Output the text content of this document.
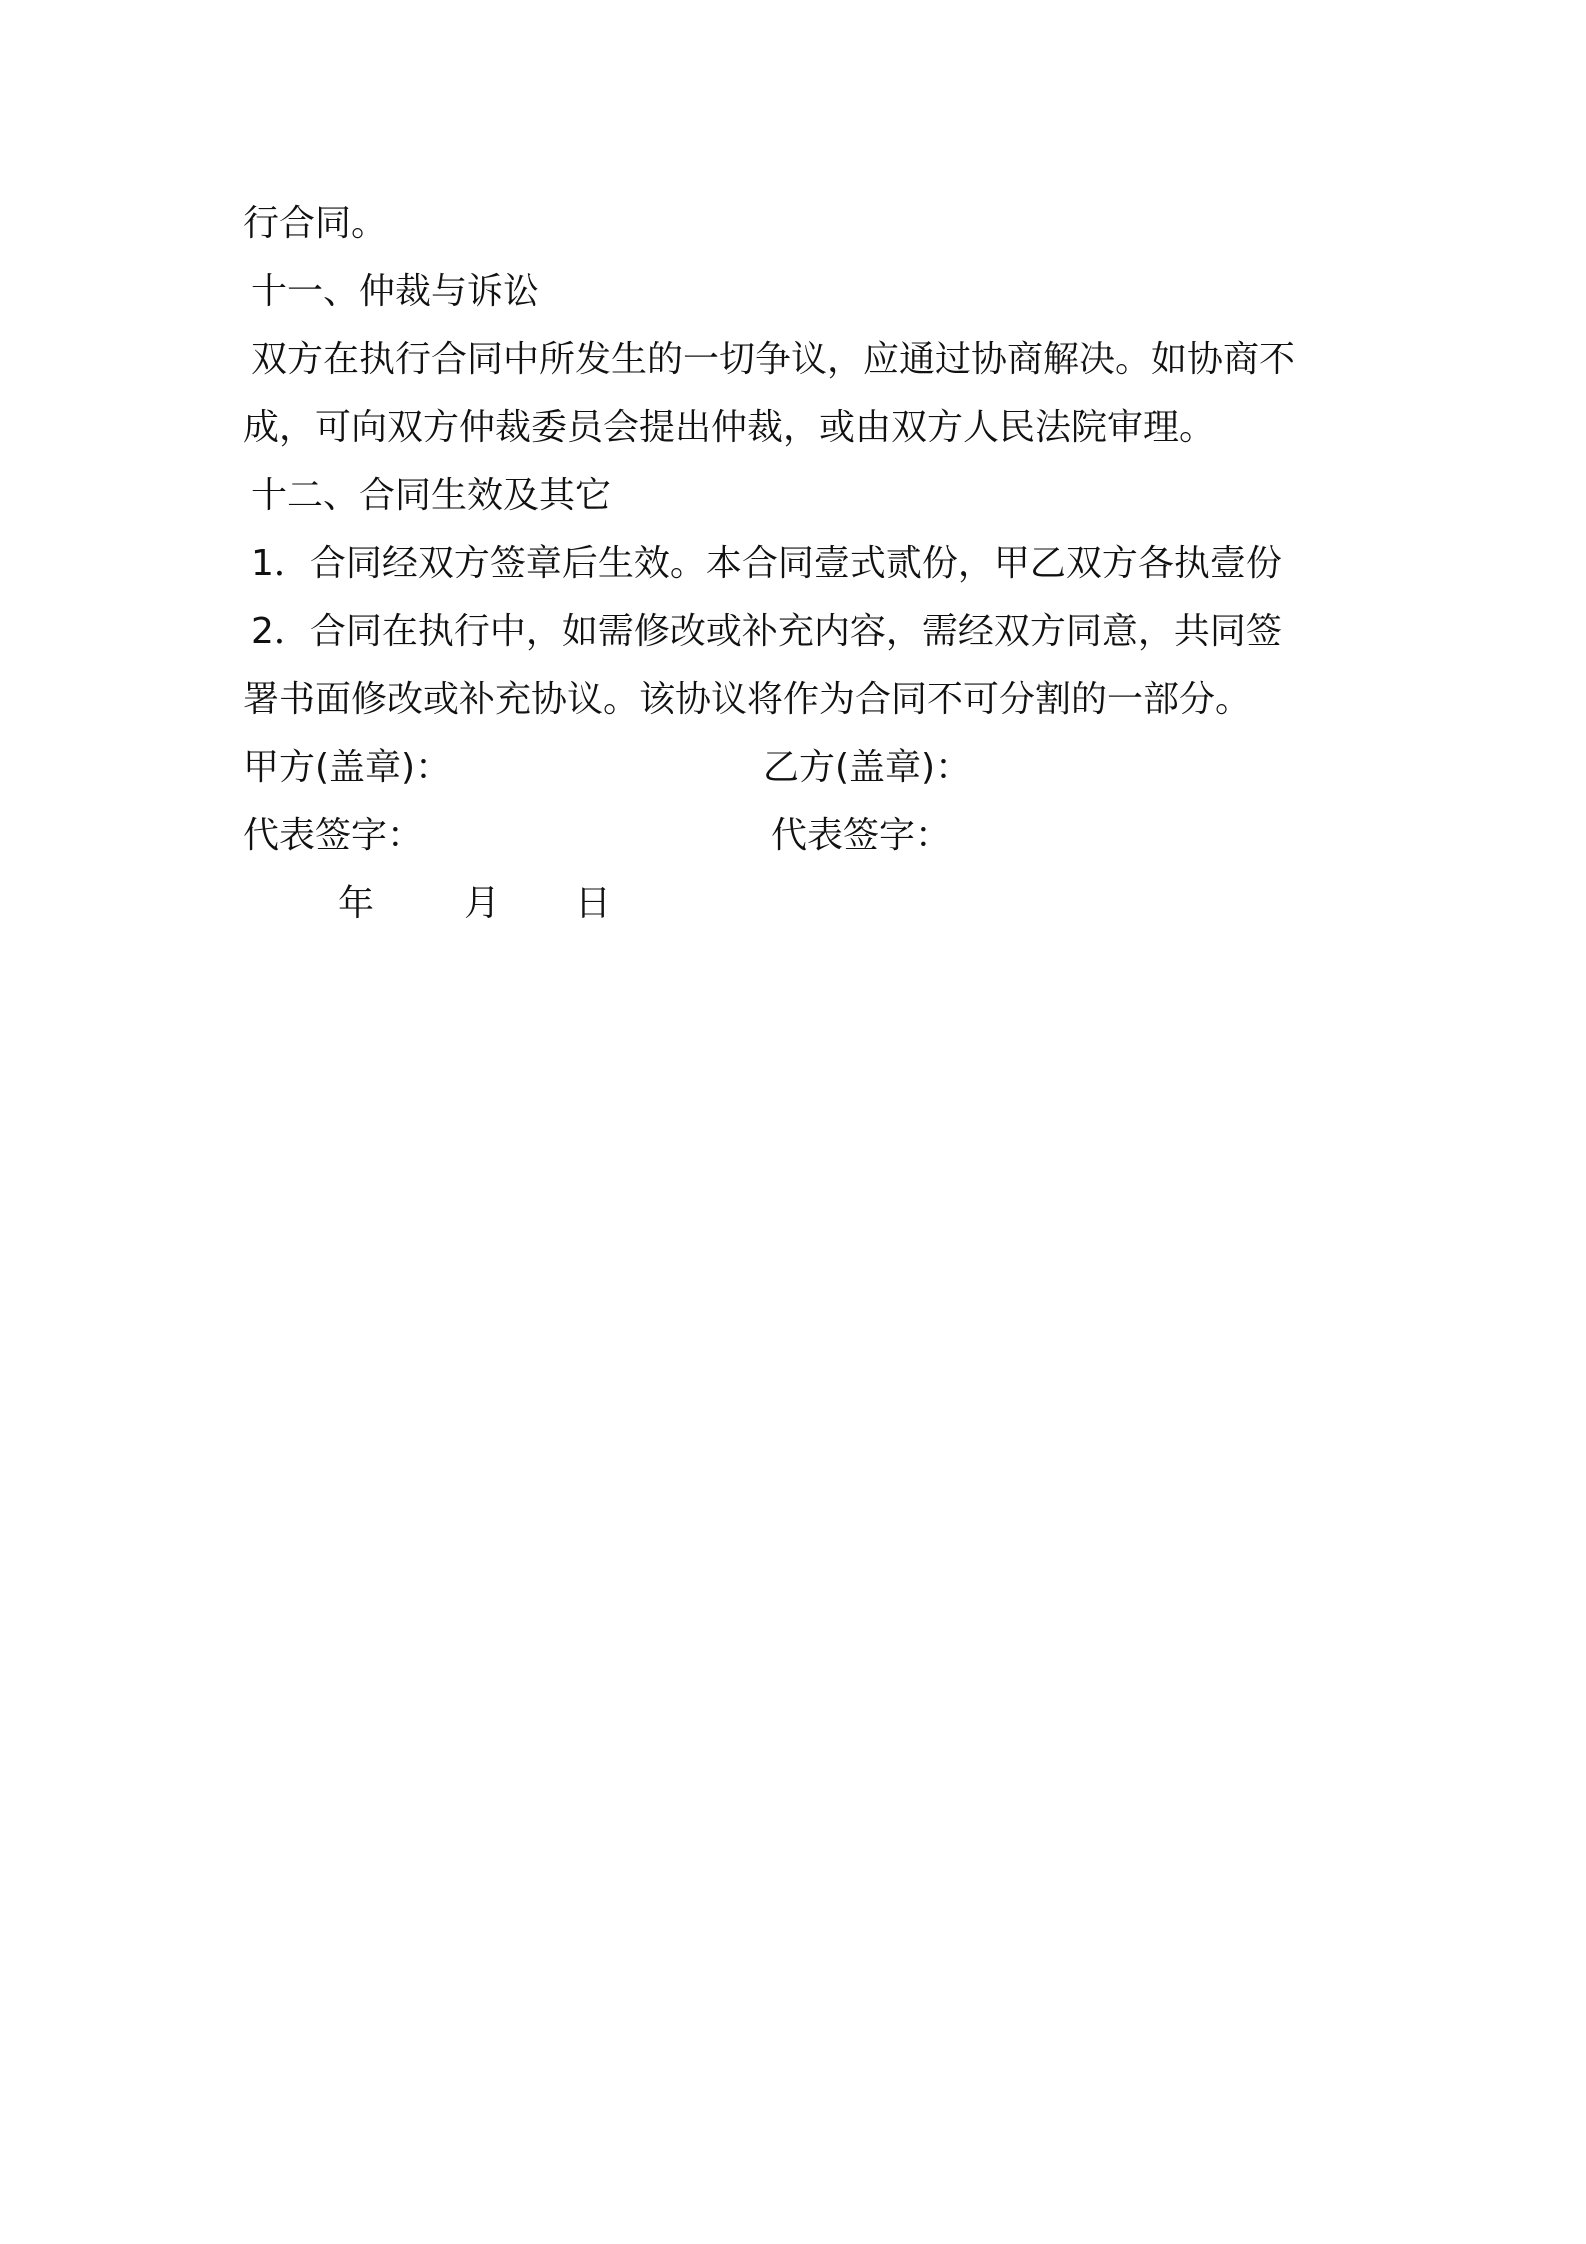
行合同。
十一、仲裁与诉讼
双方在执行合同中所发生的一切争议，应通过协商解决。如协商不
成，可向双方仲裁委员会提出仲裁，或由双方人民法院审理。
十二、合同生效及其它
1．合同经双方签章后生效。本合同壹式贰份，甲乙双方各执壹份
2．合同在执行中，如需修改或补充内容，需经双方同意，共同签
署书面修改或补充协议。该协议将作为合同不可分割的一部分。
甲方(盖章)：	乙方(盖章)：
代表签字：	代表签字：
年	月 日
